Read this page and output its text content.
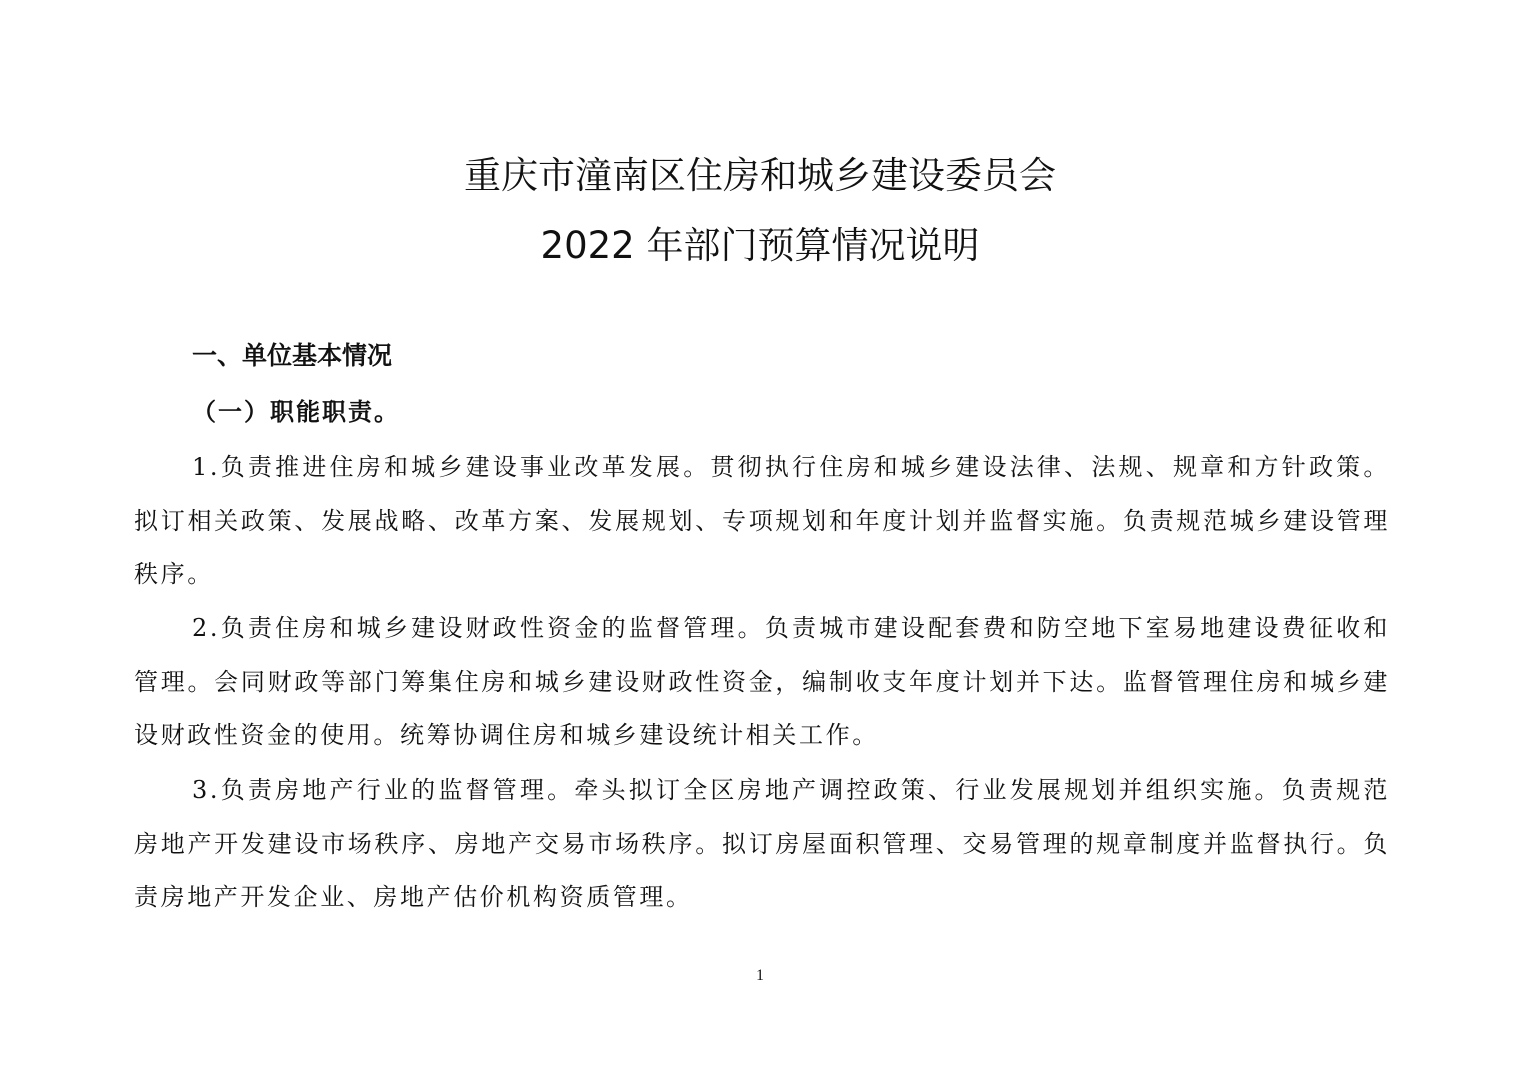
重庆市潼南区住房和城乡建设委员会
2022 年部门预算情况说明
一、单位基本情况
（一）职能职责。

1.负责推进住房和城乡建设事业改革发展。贯彻执行住房和城乡建设法律、法规、规章和方针政策。拟订相关政策、发展战略、改革方案、发展规划、专项规划和年度计划并监督实施。负责规范城乡建设管理秩序。

2.负责住房和城乡建设财政性资金的监督管理。负责城市建设配套费和防空地下室易地建设费征收和管理。会同财政等部门筹集住房和城乡建设财政性资金，编制收支年度计划并下达。监督管理住房和城乡建设财政性资金的使用。统筹协调住房和城乡建设统计相关工作。

3.负责房地产行业的监督管理。牵头拟订全区房地产调控政策、行业发展规划并组织实施。负责规范房地产开发建设市场秩序、房地产交易市场秩序。拟订房屋面积管理、交易管理的规章制度并监督执行。负责房地产开发企业、房地产估价机构资质管理。

1
